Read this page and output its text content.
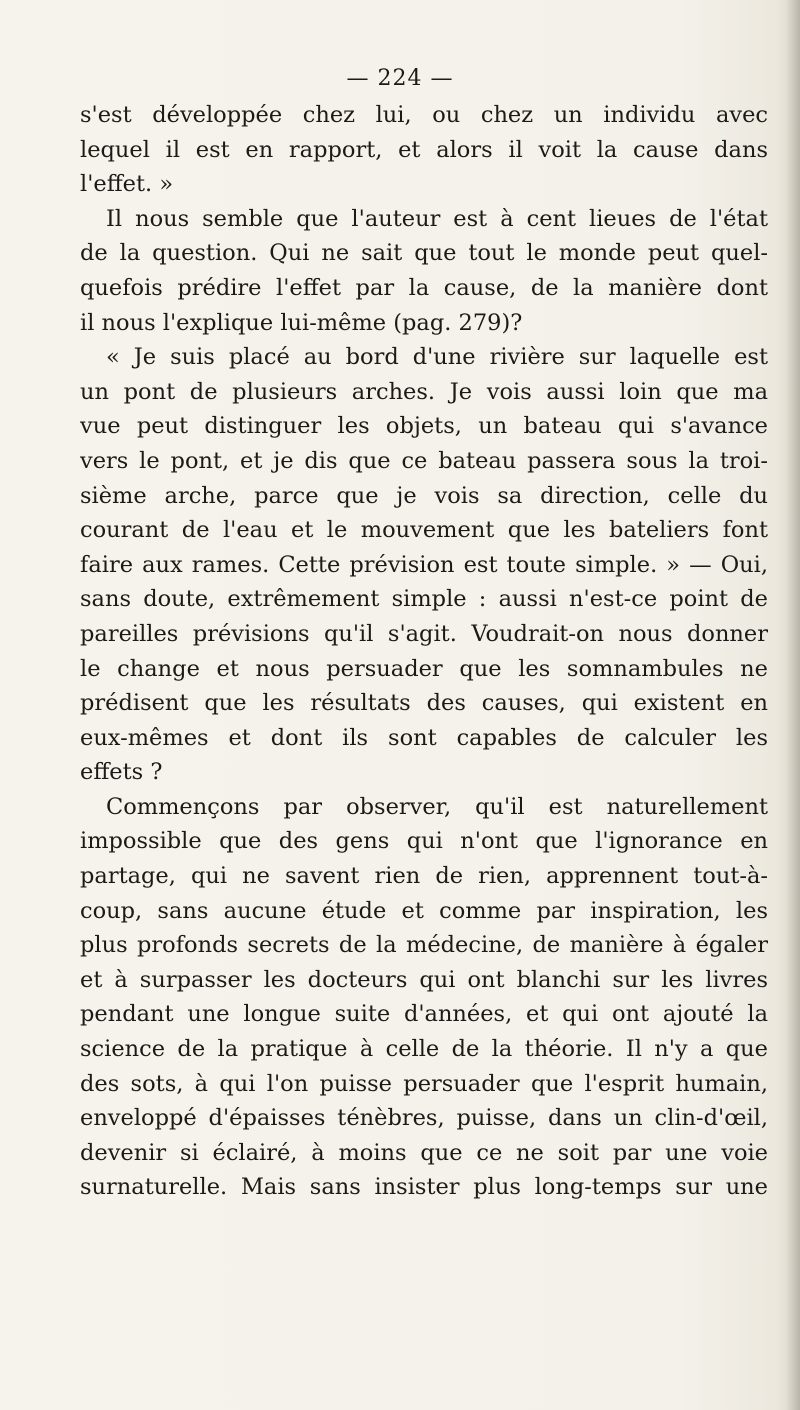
— 224 —
s'est développée chez lui, ou chez un individu avec
lequel il est en rapport, et alors il voit la cause dans
l'effet. »
Il nous semble que l'auteur est à cent lieues de l'état
de la question. Qui ne sait que tout le monde peut quel-
quefois prédire l'effet par la cause, de la manière dont
il nous l'explique lui-même (pag. 279)?
« Je suis placé au bord d'une rivière sur laquelle est
un pont de plusieurs arches. Je vois aussi loin que ma
vue peut distinguer les objets, un bateau qui s'avance
vers le pont, et je dis que ce bateau passera sous la troi-
sième arche, parce que je vois sa direction, celle du
courant de l'eau et le mouvement que les bateliers font
faire aux rames. Cette prévision est toute simple. » — Oui,
sans doute, extrêmement simple : aussi n'est-ce point de
pareilles prévisions qu'il s'agit. Voudrait-on nous donner
le change et nous persuader que les somnambules ne
prédisent que les résultats des causes, qui existent en
eux-mêmes et dont ils sont capables de calculer les
effets ?
Commençons par observer, qu'il est naturellement
impossible que des gens qui n'ont que l'ignorance en
partage, qui ne savent rien de rien, apprennent tout-à-
coup, sans aucune étude et comme par inspiration, les
plus profonds secrets de la médecine, de manière à égaler
et à surpasser les docteurs qui ont blanchi sur les livres
pendant une longue suite d'années, et qui ont ajouté la
science de la pratique à celle de la théorie. Il n'y a que
des sots, à qui l'on puisse persuader que l'esprit humain,
enveloppé d'épaisses ténèbres, puisse, dans un clin-d'œil,
devenir si éclairé, à moins que ce ne soit par une voie
surnaturelle. Mais sans insister plus long-temps sur une
